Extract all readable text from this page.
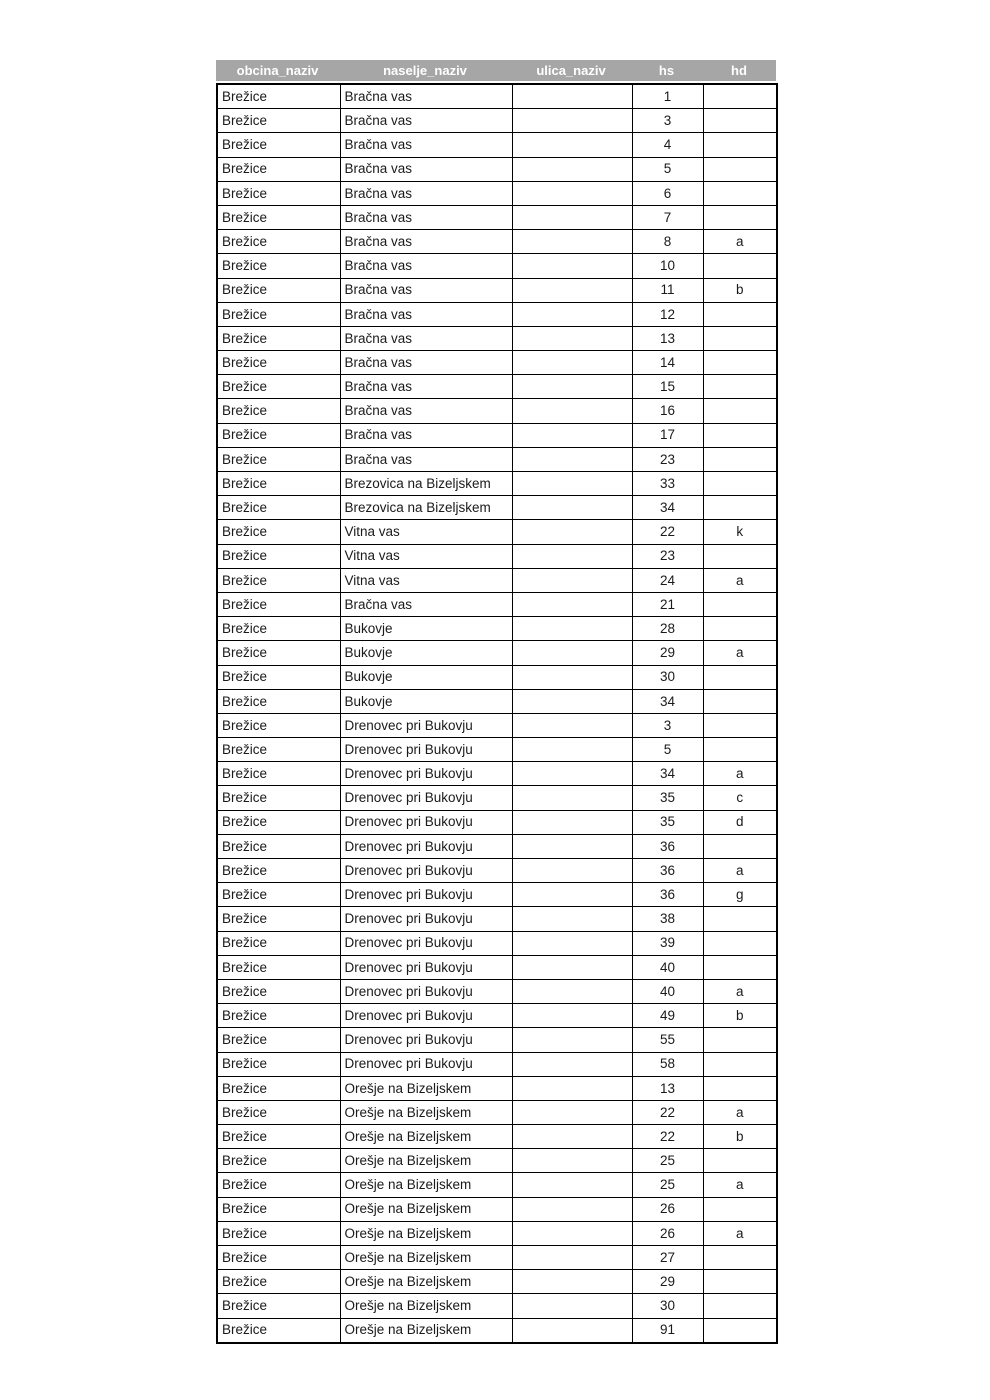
obcina_naziv	naselje_naziv	ulica_naziv	hs	hd
Brežice	Bračna vas		1	
Brežice	Bračna vas		3	
Brežice	Bračna vas		4	
Brežice	Bračna vas		5	
Brežice	Bračna vas		6	
Brežice	Bračna vas		7	
Brežice	Bračna vas		8	a
Brežice	Bračna vas		10	
Brežice	Bračna vas		11	b
Brežice	Bračna vas		12	
Brežice	Bračna vas		13	
Brežice	Bračna vas		14	
Brežice	Bračna vas		15	
Brežice	Bračna vas		16	
Brežice	Bračna vas		17	
Brežice	Bračna vas		23	
Brežice	Brezovica na Bizeljskem		33	
Brežice	Brezovica na Bizeljskem		34	
Brežice	Vitna vas		22	k
Brežice	Vitna vas		23	
Brežice	Vitna vas		24	a
Brežice	Bračna vas		21	
Brežice	Bukovje		28	
Brežice	Bukovje		29	a
Brežice	Bukovje		30	
Brežice	Bukovje		34	
Brežice	Drenovec pri Bukovju		3	
Brežice	Drenovec pri Bukovju		5	
Brežice	Drenovec pri Bukovju		34	a
Brežice	Drenovec pri Bukovju		35	c
Brežice	Drenovec pri Bukovju		35	d
Brežice	Drenovec pri Bukovju		36	
Brežice	Drenovec pri Bukovju		36	a
Brežice	Drenovec pri Bukovju		36	g
Brežice	Drenovec pri Bukovju		38	
Brežice	Drenovec pri Bukovju		39	
Brežice	Drenovec pri Bukovju		40	
Brežice	Drenovec pri Bukovju		40	a
Brežice	Drenovec pri Bukovju		49	b
Brežice	Drenovec pri Bukovju		55	
Brežice	Drenovec pri Bukovju		58	
Brežice	Orešje na Bizeljskem		13	
Brežice	Orešje na Bizeljskem		22	a
Brežice	Orešje na Bizeljskem		22	b
Brežice	Orešje na Bizeljskem		25	
Brežice	Orešje na Bizeljskem		25	a
Brežice	Orešje na Bizeljskem		26	
Brežice	Orešje na Bizeljskem		26	a
Brežice	Orešje na Bizeljskem		27	
Brežice	Orešje na Bizeljskem		29	
Brežice	Orešje na Bizeljskem		30	
Brežice	Orešje na Bizeljskem		91	
